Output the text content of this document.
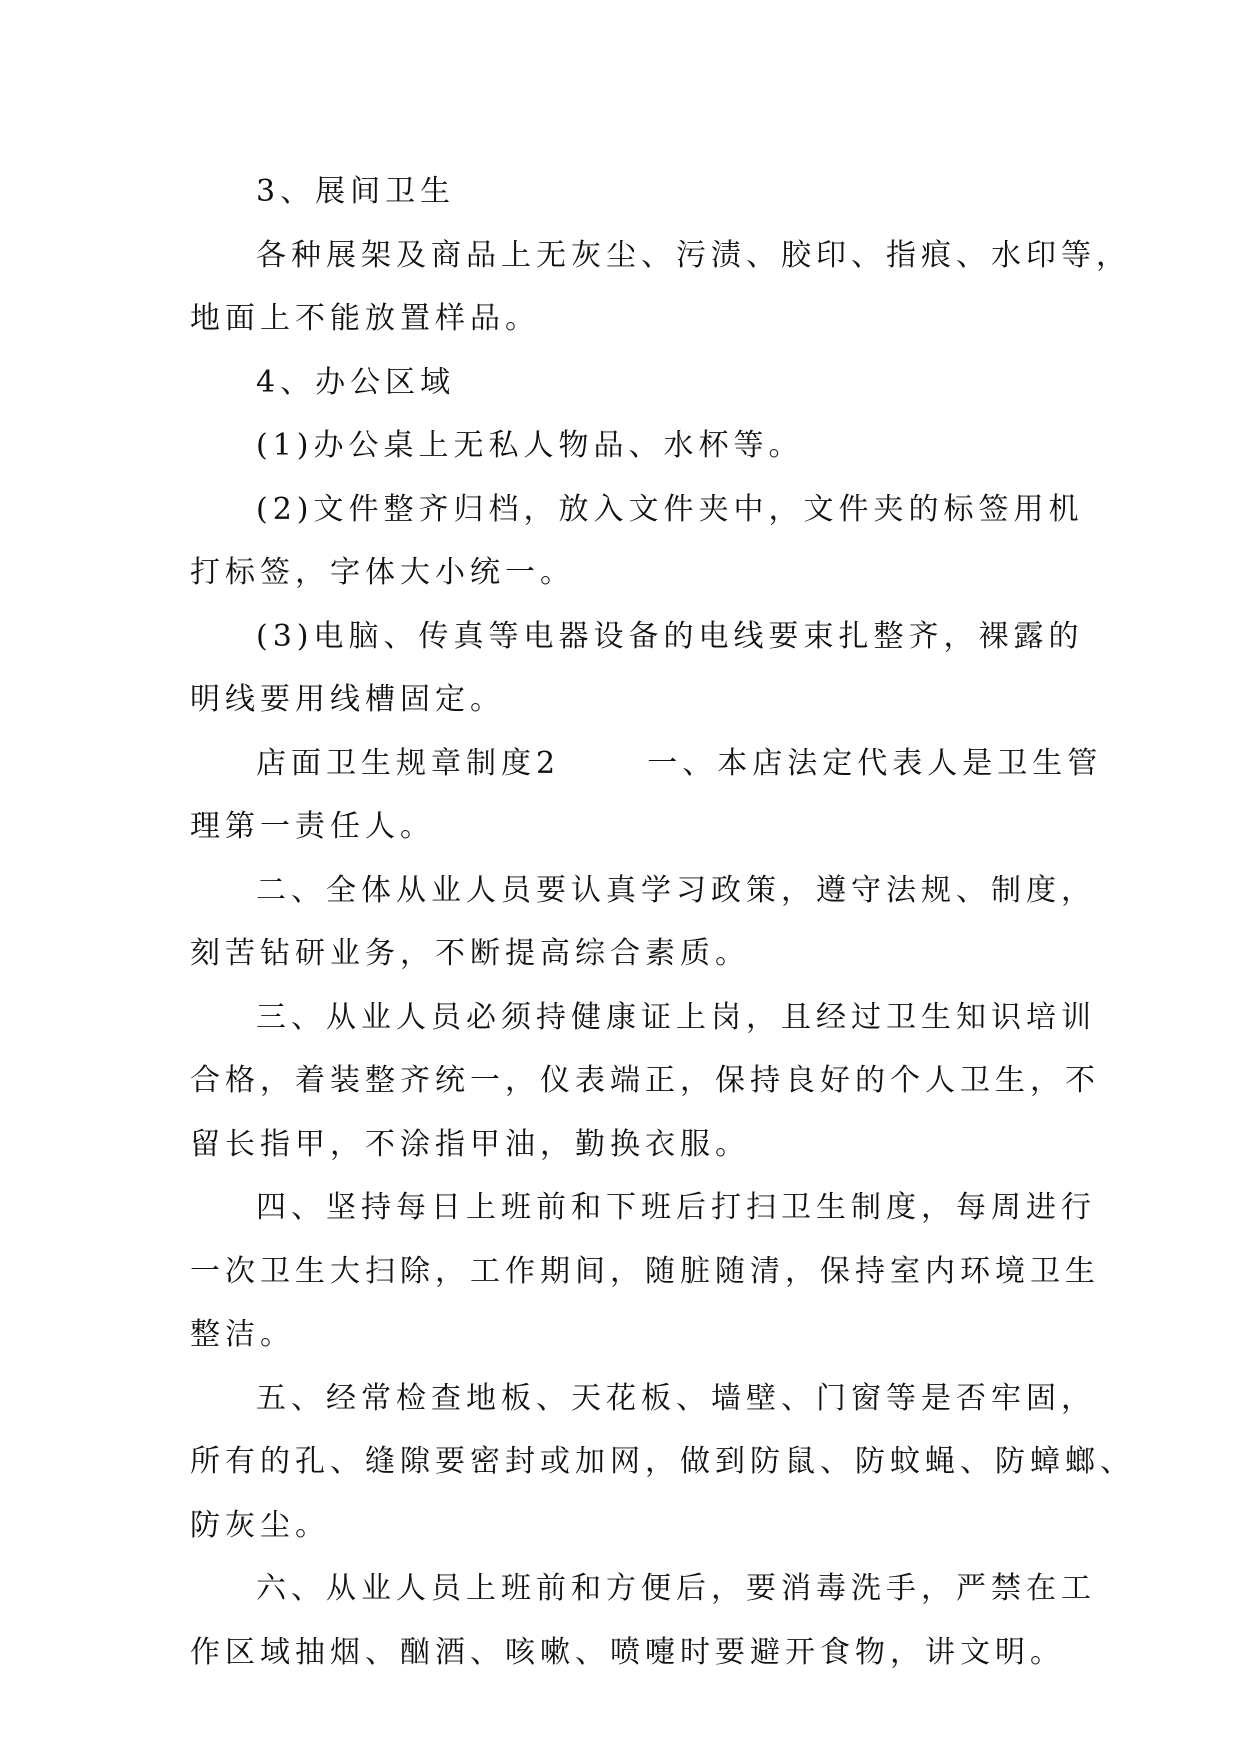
3、展间卫生
各种展架及商品上无灰尘、污渍、胶印、指痕、水印等，
地面上不能放置样品。
4、办公区域
(1)办公桌上无私人物品、水杯等。
(2)文件整齐归档，放入文件夹中，文件夹的标签用机
打标签，字体大小统一。
(3)电脑、传真等电器设备的电线要束扎整齐，裸露的
明线要用线槽固定。
店面卫生规章制度2      一、本店法定代表人是卫生管
理第一责任人。
二、全体从业人员要认真学习政策，遵守法规、制度，
刻苦钻研业务，不断提高综合素质。
三、从业人员必须持健康证上岗，且经过卫生知识培训
合格，着装整齐统一，仪表端正，保持良好的个人卫生，不
留长指甲，不涂指甲油，勤换衣服。
四、坚持每日上班前和下班后打扫卫生制度，每周进行
一次卫生大扫除，工作期间，随脏随清，保持室内环境卫生
整洁。
五、经常检查地板、天花板、墙壁、门窗等是否牢固，
所有的孔、缝隙要密封或加网，做到防鼠、防蚊蝇、防蟑螂、
防灰尘。
六、从业人员上班前和方便后，要消毒洗手，严禁在工
作区域抽烟、酗酒、咳嗽、喷嚏时要避开食物，讲文明。
